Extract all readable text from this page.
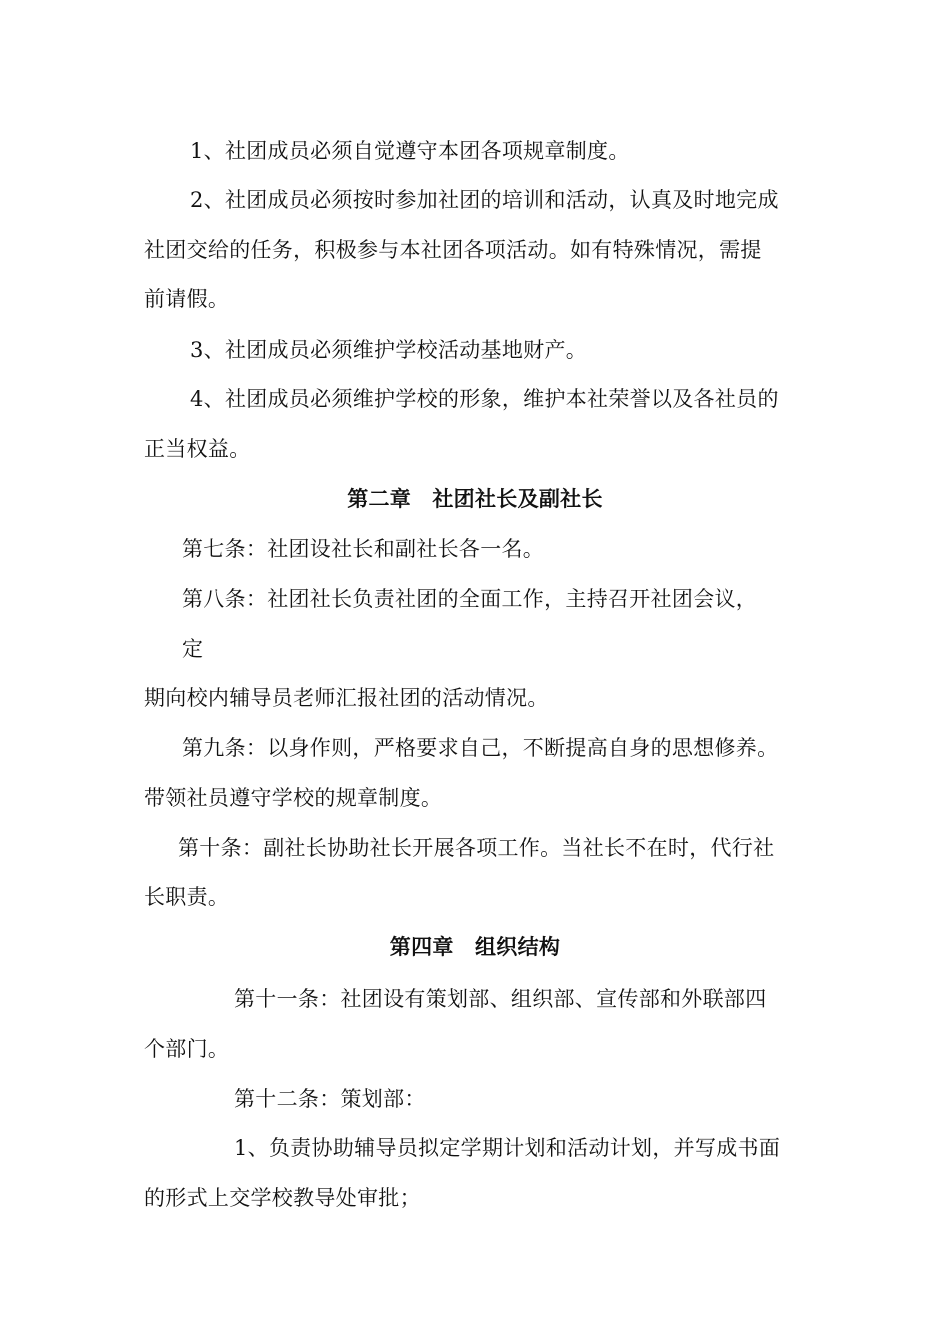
1、社团成员必须自觉遵守本团各项规章制度。
2、社团成员必须按时参加社团的培训和活动，认真及时地完成
社团交给的任务，积极参与本社团各项活动。如有特殊情况，需提
前请假。
3、社团成员必须维护学校活动基地财产。
4、社团成员必须维护学校的形象，维护本社荣誉以及各社员的
正当权益。
第二章　社团社长及副社长
第七条：社团设社长和副社长各一名。
第八条：社团社长负责社团的全面工作，主持召开社团会议，
定
期向校内辅导员老师汇报社团的活动情况。
第九条：以身作则，严格要求自己，不断提高自身的思想修养。
带领社员遵守学校的规章制度。
第十条：副社长协助社长开展各项工作。当社长不在时，代行社
长职责。
第四章　组织结构
第十一条：社团设有策划部、组织部、宣传部和外联部四
个部门。
第十二条：策划部：
1、负责协助辅导员拟定学期计划和活动计划，并写成书面
的形式上交学校教导处审批；
